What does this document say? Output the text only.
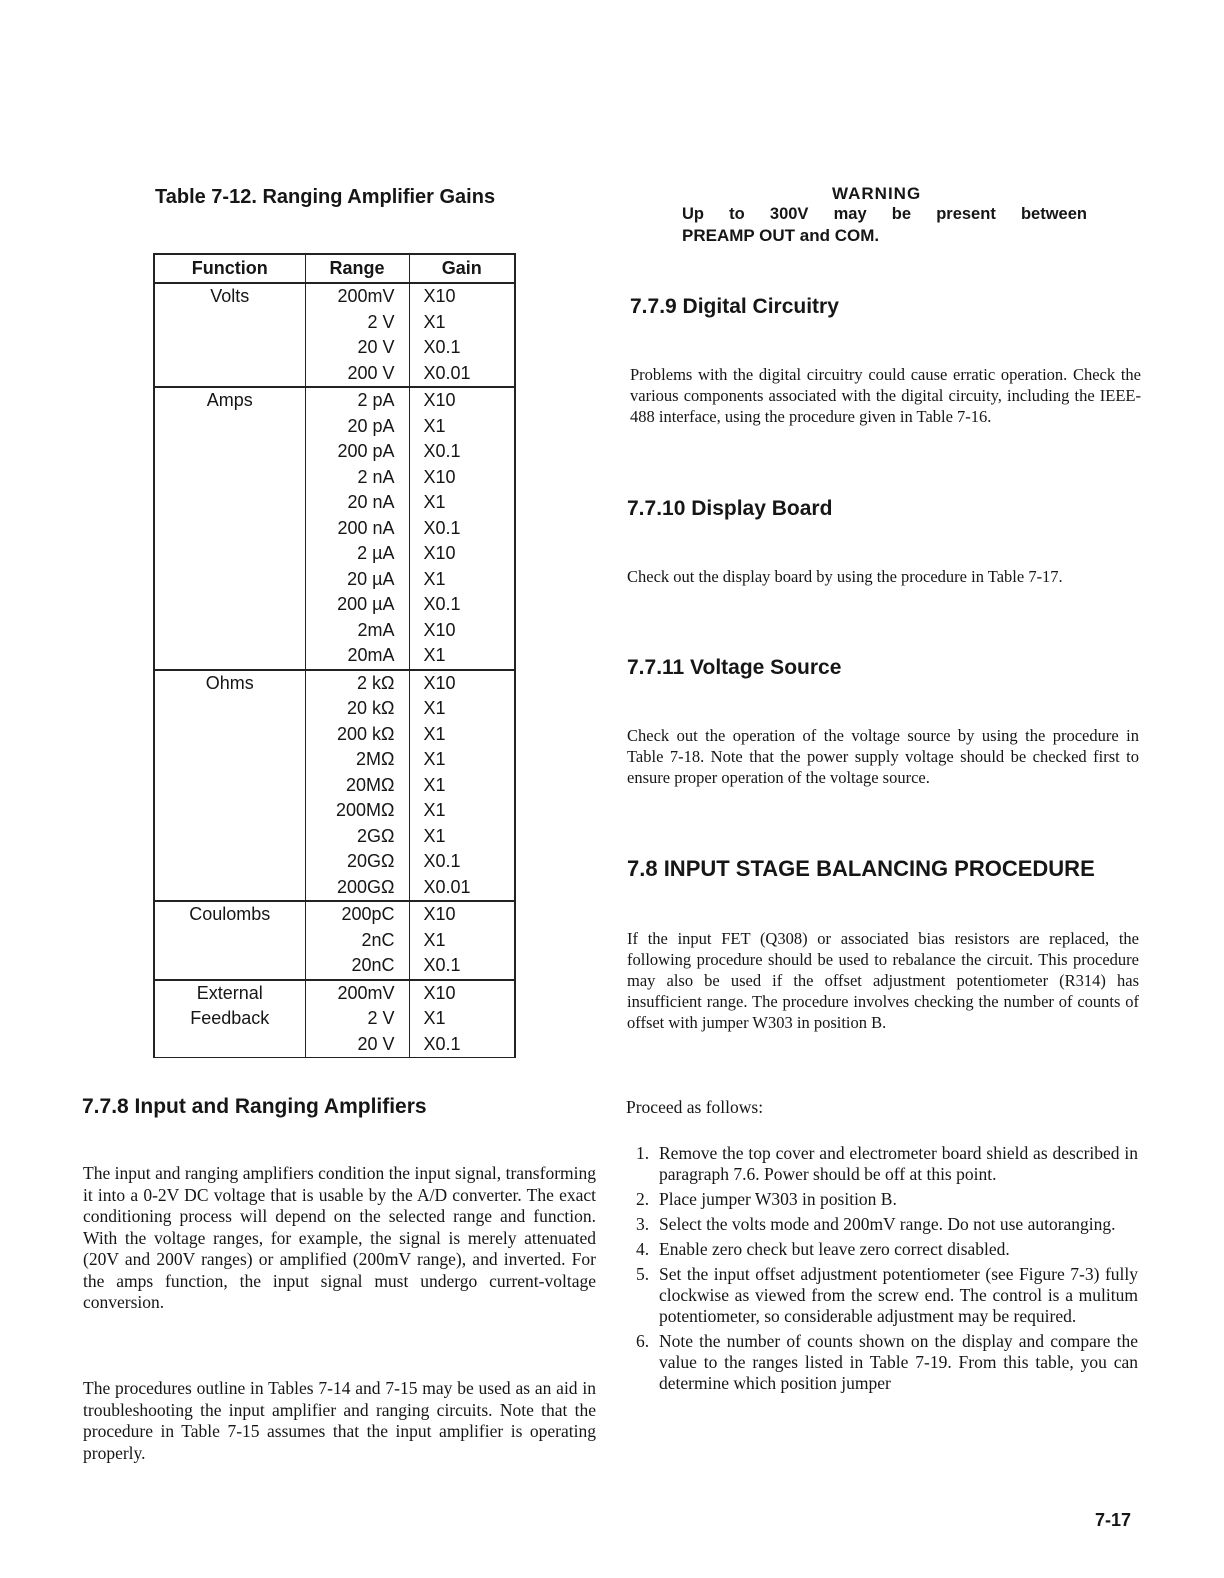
Table 7-12. Ranging Amplifier Gains
Function	Range	Gain

Volts	200mV	X10
	2 V	X1
	20 V	X0.1
	200 V	X0.01

Amps	2 pA	X10
	20 pA	X1
	200 pA	X0.1
	2 nA	X10
	20 nA	X1
	200 nA	X0.1
	2 µA	X10
	20 µA	X1
	200 µA	X0.1
	2mA	X10
	20mA	X1

Ohms	2 kΩ	X10
	20 kΩ	X1
	200 kΩ	X1
	2MΩ	X1
	20MΩ	X1
	200MΩ	X1
	2GΩ	X1
	20GΩ	X0.1
	200GΩ	X0.01

Coulombs	200pC	X10
	2nC	X1
	20nC	X0.1

External
Feedback	200mV	X10
	2 V	X1
	20 V	X0.1
7.7.8 Input and Ranging Amplifiers
The input and ranging amplifiers condition the input signal, transforming it into a 0-2V DC voltage that is usable by the A/D converter. The exact conditioning process will depend on the selected range and function. With the voltage ranges, for example, the signal is merely attenuated (20V and 200V ranges) or amplified (200mV range), and inverted. For the amps function, the input signal must undergo current-voltage conversion.
The procedures outline in Tables 7-14 and 7-15 may be used as an aid in troubleshooting the input amplifier and ranging circuits. Note that the procedure in Table 7-15 assumes that the input amplifier is operating properly.
WARNING
Up to 300V may be present between
PREAMP OUT and COM.
7.7.9 Digital Circuitry
Problems with the digital circuitry could cause erratic operation. Check the various components associated with the digital circuity, including the IEEE-488 interface, using the procedure given in Table 7-16.
7.7.10 Display Board
Check out the display board by using the procedure in Table 7-17.
7.7.11 Voltage Source
Check out the operation of the voltage source by using the procedure in Table 7-18. Note that the power supply voltage should be checked first to ensure proper operation of the voltage source.
7.8 INPUT STAGE BALANCING PROCEDURE
If the input FET (Q308) or associated bias resistors are replaced, the following procedure should be used to rebalance the circuit. This procedure may also be used if the offset adjustment potentiometer (R314) has insufficient range. The procedure involves checking the number of counts of offset with jumper W303 in position B.
Proceed as follows:
1. Remove the top cover and electrometer board shield as described in paragraph 7.6. Power should be off at this point.
2. Place jumper W303 in position B.
3. Select the volts mode and 200mV range. Do not use autoranging.
4. Enable zero check but leave zero correct disabled.
5. Set the input offset adjustment potentiometer (see Figure 7-3) fully clockwise as viewed from the screw end. The control is a mulitum potentiometer, so considerable adjustment may be required.
6. Note the number of counts shown on the display and compare the value to the ranges listed in Table 7-19. From this table, you can determine which position jumper
7-17
